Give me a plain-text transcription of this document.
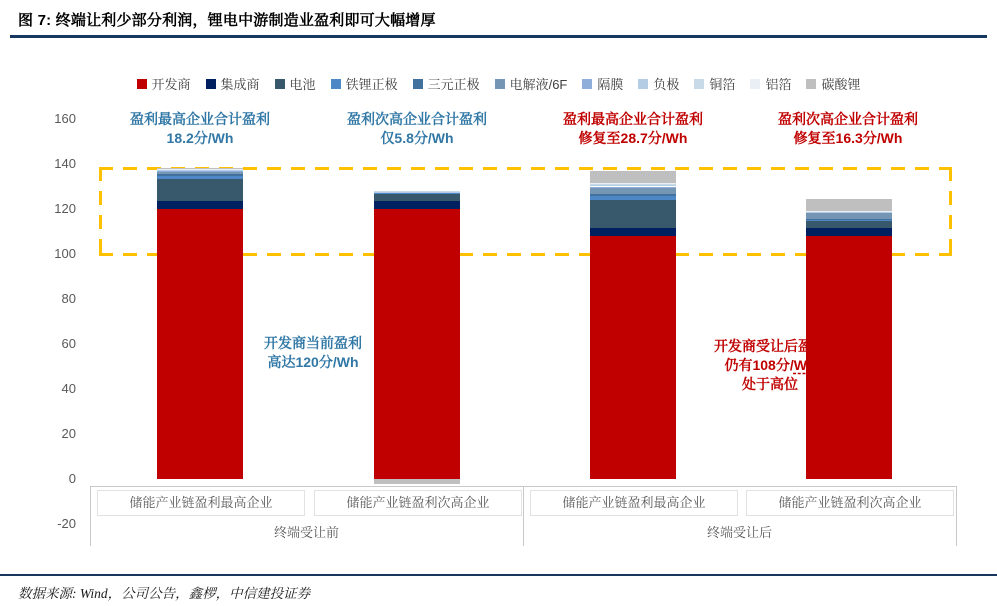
图 7: 终端让利少部分利润，锂电中游制造业盈利即可大幅增厚
开发商 集成商 电池 铁锂正极 三元正极 电解液/6F 隔膜 负极 铜箔 铝箔 碳酸锂
160
140
120
100
80
60
40
20
0
-20
储能产业链盈利最高企业	储能产业链盈利次高企业	储能产业链盈利最高企业	储能产业链盈利次高企业
终端受让前	终端受让后
盈利最高企业合计盈利
18.2分/Wh
盈利次高企业合计盈利
仅5.8分/Wh
盈利最高企业合计盈利
修复至28.7分/Wh
盈利次高企业合计盈利
修复至16.3分/Wh
开发商当前盈利
高达120分/Wh
开发商受让后盈利
仍有108分/Wh
处于高位
数据来源: Wind，公司公告，鑫椤，中信建投证券
